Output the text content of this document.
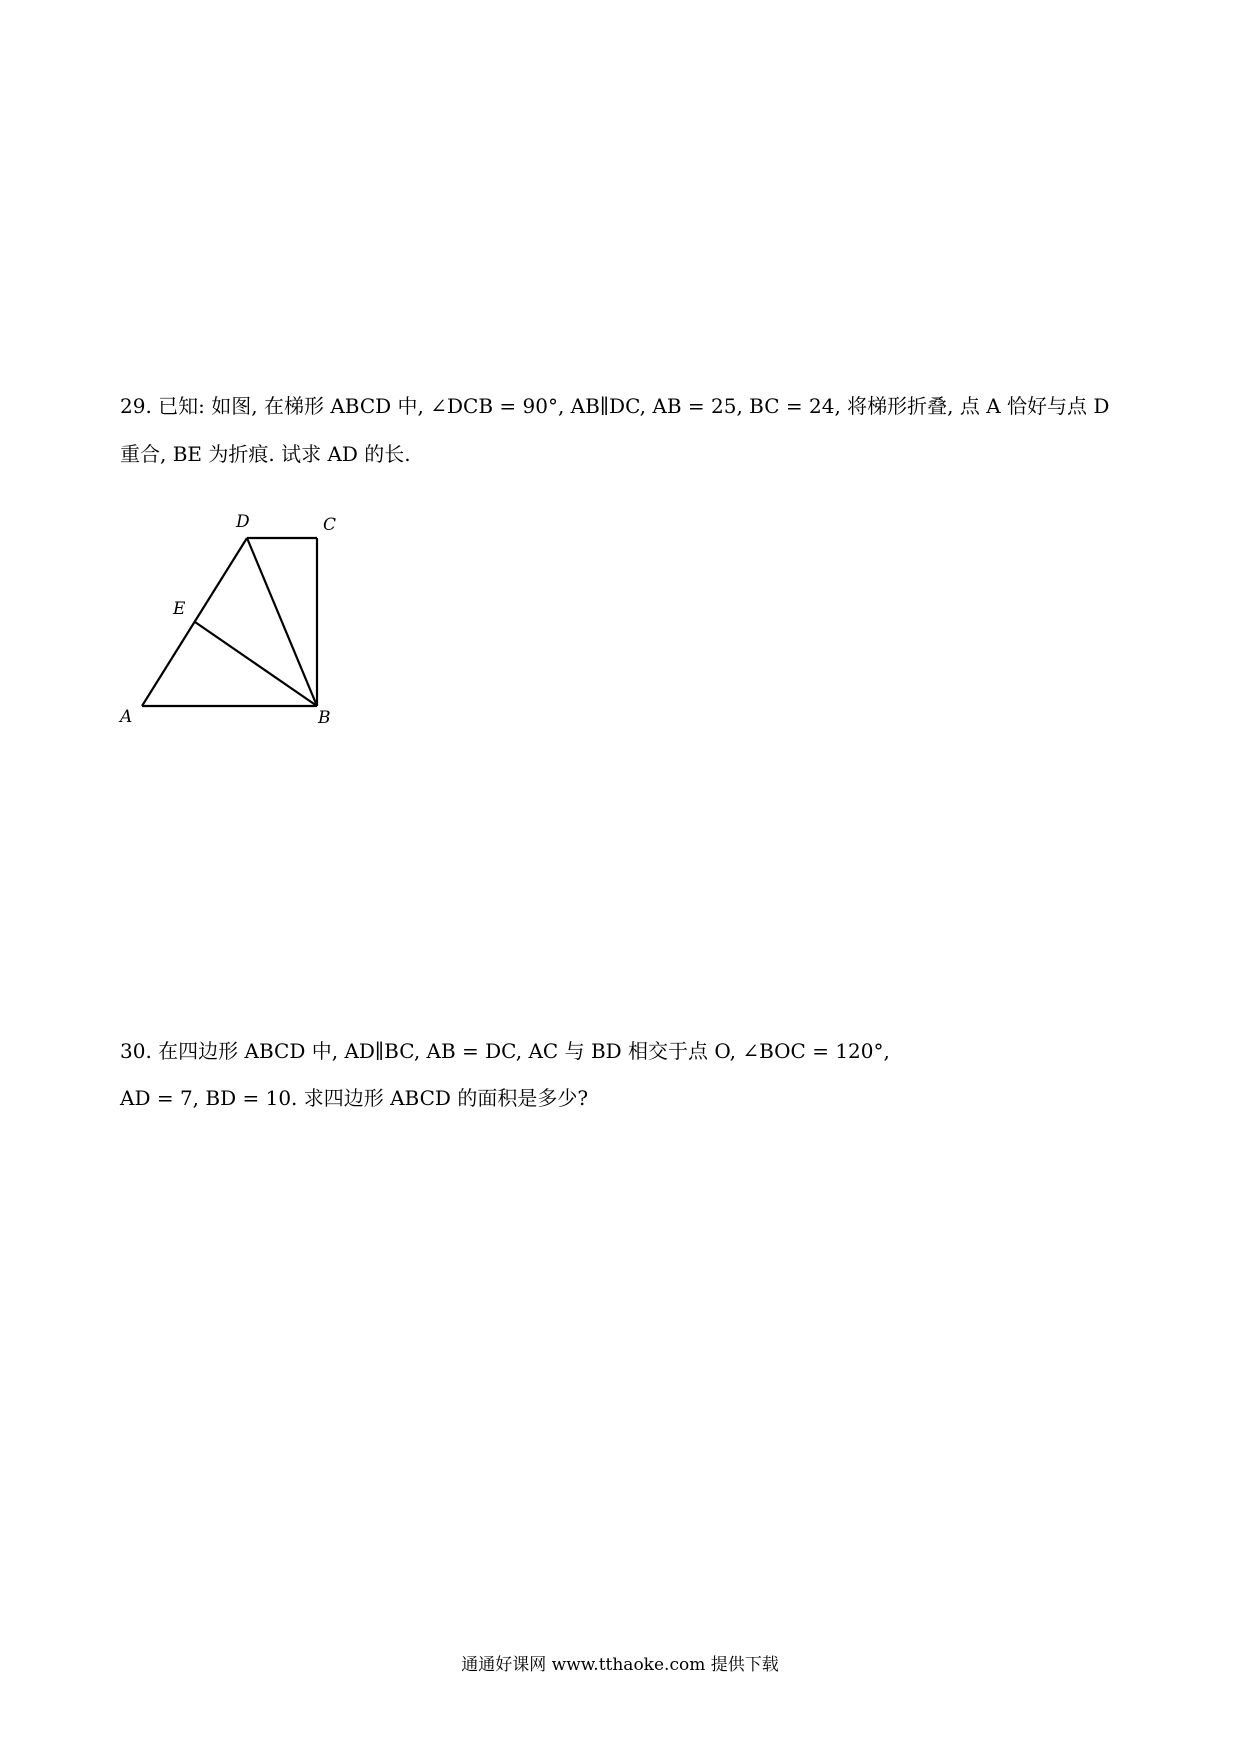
29. 已知: 如图, 在梯形 ABCD 中, ∠DCB = 90°, AB∥DC, AB = 25, BC = 24, 将梯形折叠, 点 A 恰好与点 D
重合, BE 为折痕. 试求 AD 的长.
D	C
E
A	B
30. 在四边形 ABCD 中, AD∥BC, AB = DC, AC 与 BD 相交于点 O, ∠BOC = 120°,
AD = 7, BD = 10. 求四边形 ABCD 的面积是多少?
通通好课网 www.tthaoke.com 提供下载
